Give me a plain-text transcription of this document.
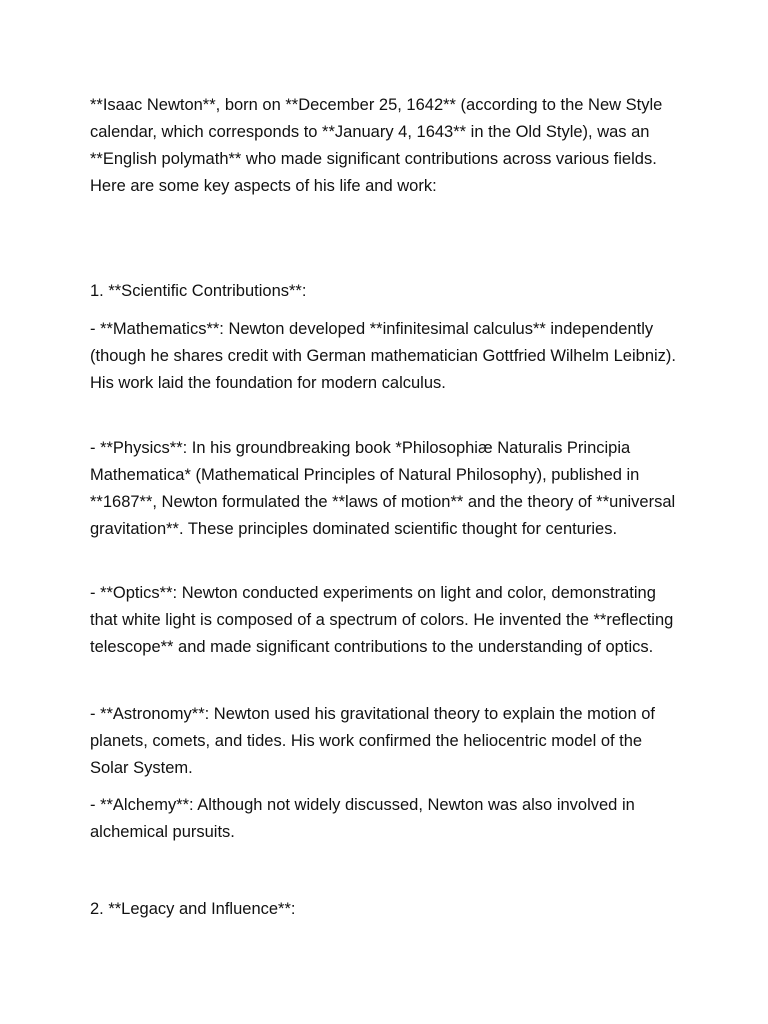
**Isaac Newton**, born on **December 25, 1642** (according to the New Style calendar, which corresponds to **January 4, 1643** in the Old Style), was an **English polymath** who made significant contributions across various fields. Here are some key aspects of his life and work:

1. **Scientific Contributions**:

- **Mathematics**: Newton developed **infinitesimal calculus** independently (though he shares credit with German mathematician Gottfried Wilhelm Leibniz). His work laid the foundation for modern calculus.

- **Physics**: In his groundbreaking book *Philosophiæ Naturalis Principia Mathematica* (Mathematical Principles of Natural Philosophy), published in **1687**, Newton formulated the **laws of motion** and the theory of **universal gravitation**. These principles dominated scientific thought for centuries.

- **Optics**: Newton conducted experiments on light and color, demonstrating that white light is composed of a spectrum of colors. He invented the **reflecting telescope** and made significant contributions to the understanding of optics.

- **Astronomy**: Newton used his gravitational theory to explain the motion of planets, comets, and tides. His work confirmed the heliocentric model of the Solar System.

- **Alchemy**: Although not widely discussed, Newton was also involved in alchemical pursuits.

2. **Legacy and Influence**:
